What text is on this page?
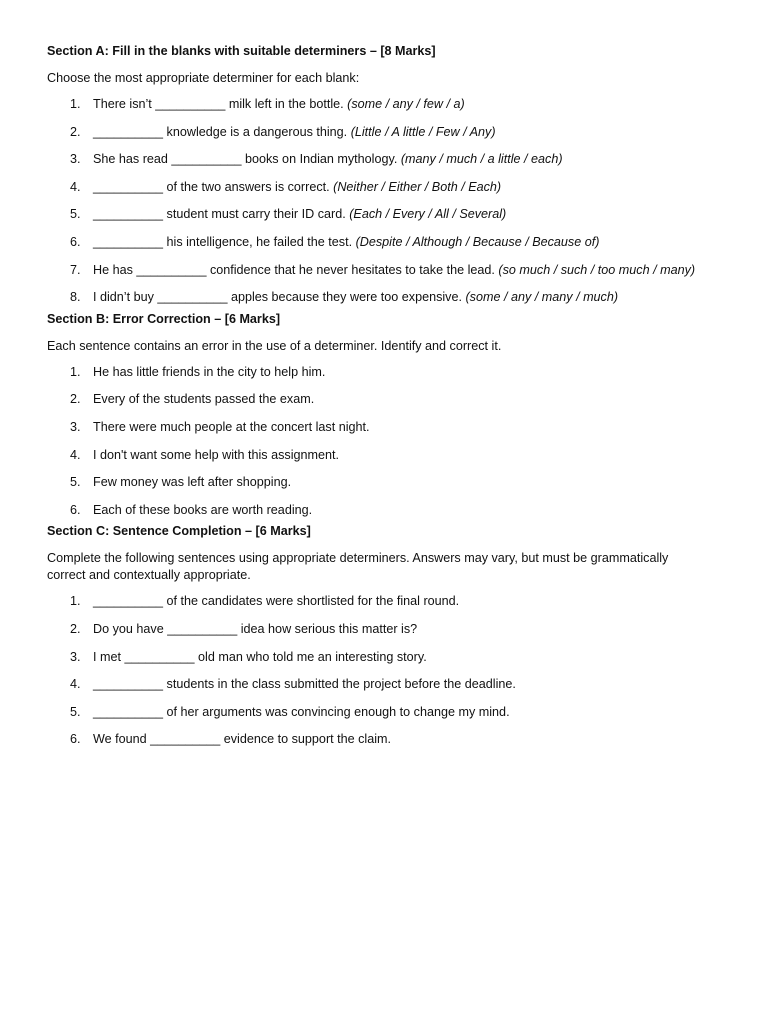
Section A: Fill in the blanks with suitable determiners – [8 Marks]

Choose the most appropriate determiner for each blank:

1. There isn’t __________ milk left in the bottle. (some / any / few / a)
2. __________ knowledge is a dangerous thing. (Little / A little / Few / Any)
3. She has read __________ books on Indian mythology. (many / much / a little / each)
4. __________ of the two answers is correct. (Neither / Either / Both / Each)
5. __________ student must carry their ID card. (Each / Every / All / Several)
6. __________ his intelligence, he failed the test. (Despite / Although / Because / Because of)
7. He has __________ confidence that he never hesitates to take the lead. (so much / such / too much / many)
8. I didn’t buy __________ apples because they were too expensive. (some / any / many / much)

Section B: Error Correction – [6 Marks]

Each sentence contains an error in the use of a determiner. Identify and correct it.

1. He has little friends in the city to help him.
2. Every of the students passed the exam.
3. There were much people at the concert last night.
4. I don't want some help with this assignment.
5. Few money was left after shopping.
6. Each of these books are worth reading.

Section C: Sentence Completion – [6 Marks]

Complete the following sentences using appropriate determiners. Answers may vary, but must be grammatically
correct and contextually appropriate.

1. __________ of the candidates were shortlisted for the final round.
2. Do you have __________ idea how serious this matter is?
3. I met __________ old man who told me an interesting story.
4. __________ students in the class submitted the project before the deadline.
5. __________ of her arguments was convincing enough to change my mind.
6. We found __________ evidence to support the claim.
